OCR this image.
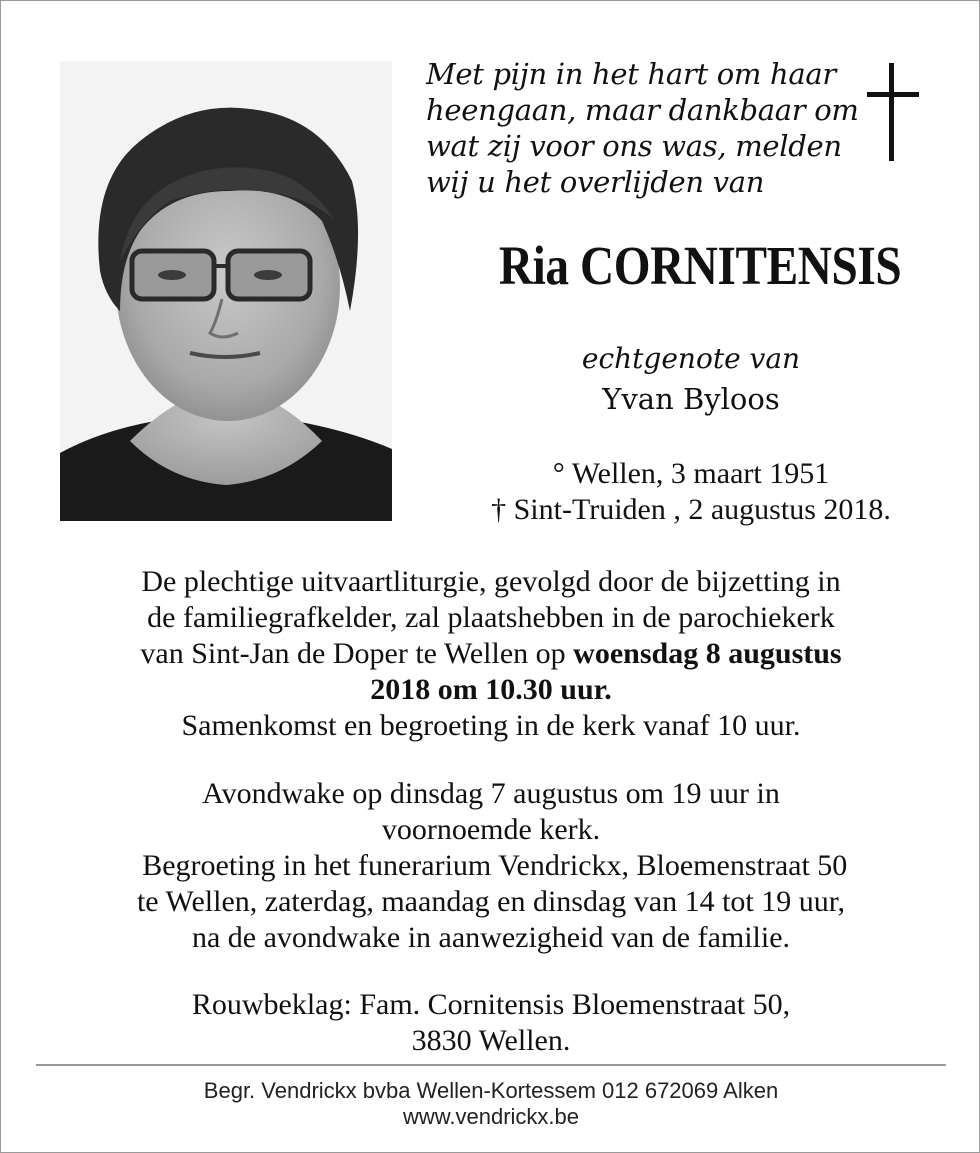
Met pijn in het hart om haar
heengaan, maar dankbaar om
wat zij voor ons was, melden
wij u het overlijden van
Ria CORNITENSIS
echtgenote van
Yvan Byloos
° Wellen, 3 maart 1951
† Sint-Truiden , 2 augustus 2018.
De plechtige uitvaartliturgie, gevolgd door de bijzetting in
de familiegrafkelder, zal plaatshebben in de parochiekerk
van Sint-Jan de Doper te Wellen op woensdag 8 augustus
2018 om 10.30 uur.
Samenkomst en begroeting in de kerk vanaf 10 uur.
Avondwake op dinsdag 7 augustus om 19 uur in
voornoemde kerk.
Begroeting in het funerarium Vendrickx, Bloemenstraat 50
te Wellen, zaterdag, maandag en dinsdag van 14 tot 19 uur,
na de avondwake in aanwezigheid van de familie.
Rouwbeklag: Fam. Cornitensis Bloemenstraat 50,
3830 Wellen.
Begr. Vendrickx bvba Wellen-Kortessem 012 672069 Alken
www.vendrickx.be
